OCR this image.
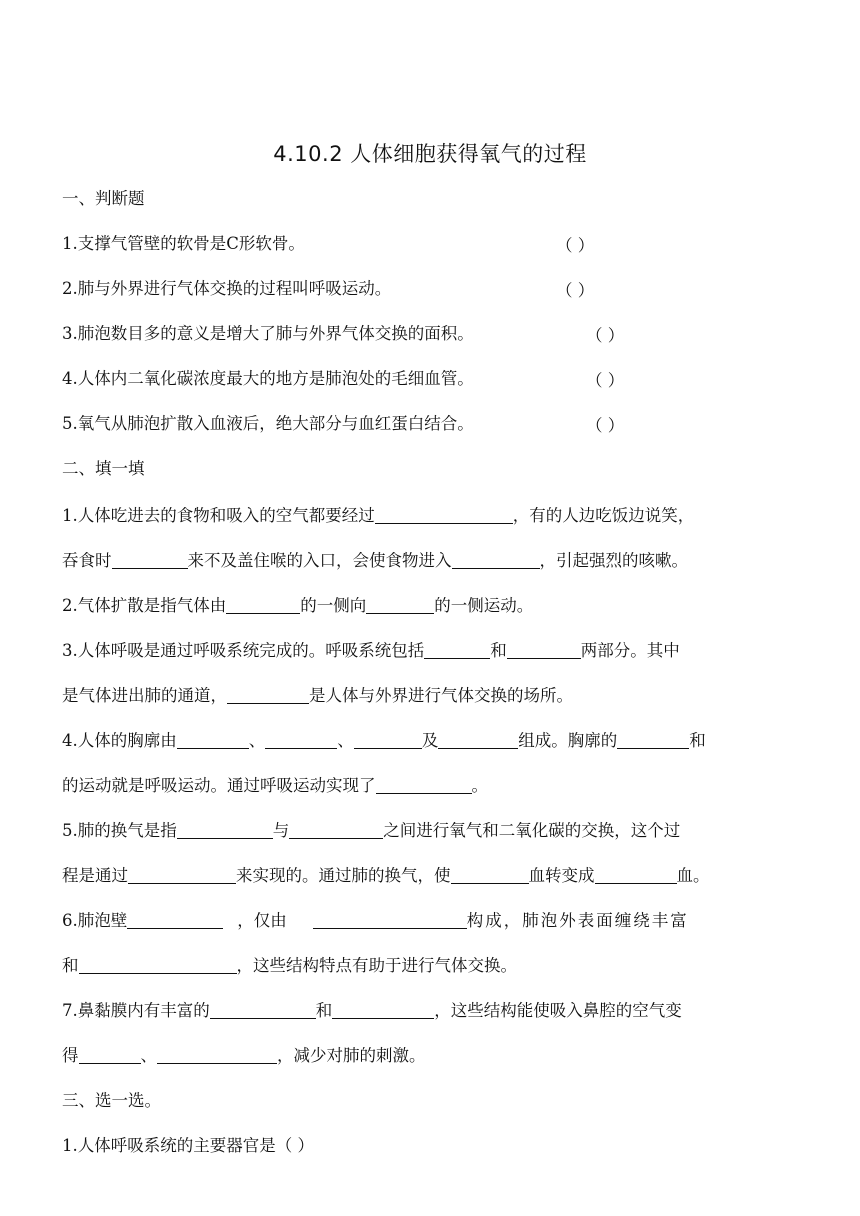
4.10.2 人体细胞获得氧气的过程
一、判断题
1.支撑气管壁的软骨是C形软骨。	（ ）
2.肺与外界进行气体交换的过程叫呼吸运动。	（ ）
3.肺泡数目多的意义是增大了肺与外界气体交换的面积。	（ ）
4.人体内二氧化碳浓度最大的地方是肺泡处的毛细血管。	（ ）
5.氧气从肺泡扩散入血液后，绝大部分与血红蛋白结合。	（ ）
二、填一填
1.人体吃进去的食物和吸入的空气都要经过	，有的人边吃饭边说笑，
吞食时	来不及盖住喉的入口，会使食物进入	，引起强烈的咳嗽。
2.气体扩散是指气体由	的一侧向	的一侧运动。
3.人体呼吸是通过呼吸系统完成的。呼吸系统包括	和	两部分。其中
是气体进出肺的通道，	是人体与外界进行气体交换的场所。
4.人体的胸廓由	、	、	及	组成。胸廓的	和
的运动就是呼吸运动。通过呼吸运动实现了	。
5.肺的换气是指	与	之间进行氧气和二氧化碳的交换，这个过
程是通过	来实现的。通过肺的换气，使	血转变成	血。
6.肺泡壁	，仅由	构成，肺泡外表面缠绕丰富
和	，这些结构特点有助于进行气体交换。
7.鼻黏膜内有丰富的	和	，这些结构能使吸入鼻腔的空气变
得	、	，减少对肺的刺激。
三、选一选。
1.人体呼吸系统的主要器官是（ ）
